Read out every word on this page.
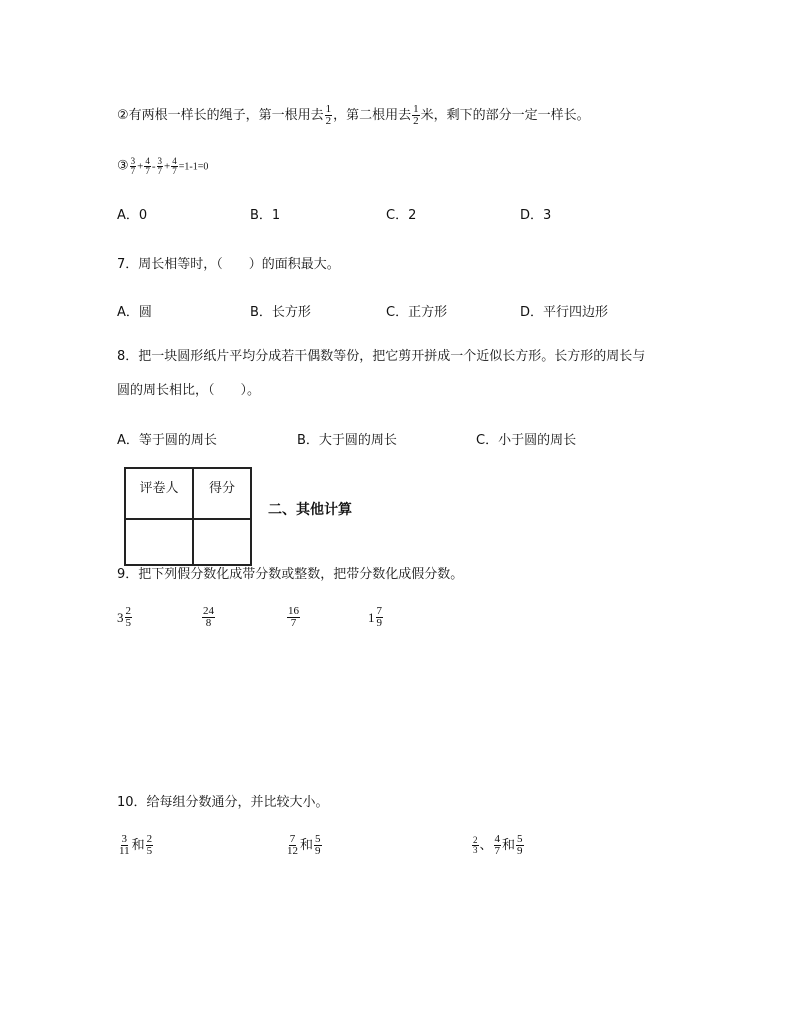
②有两根一样长的绳子，第一根用去 $\frac{1}{2}$ ，第二根用去 $\frac{1}{2}$ 米，剩下的部分一定一样长。
③ $\frac{3}{7} + \frac{4}{7} - \frac{3}{7} + \frac{4}{7} =1-1=0$
A．0	B．1	C．2	D．3
7．周长相等时，（　　）的面积最大。
A．圆	B．长方形	C．正方形	D．平行四边形
8．把一块圆形纸片平均分成若干偶数等份，把它剪开拼成一个近似长方形。长方形的周长与
圆的周长相比，（　　）。
A．等于圆的周长	B．大于圆的周长	C．小于圆的周长
评卷人	得分

二、其他计算
9．把下列假分数化成带分数或整数，把带分数化成假分数。
$3 \frac{2}{5}$	$\frac{24}{8}$	$\frac{16}{7}$	$1 \frac{7}{9}$
10．给每组分数通分，并比较大小。
$\frac{3}{11}$ 和 $\frac{2}{5}$	$\frac{7}{12}$ 和 $\frac{5}{9}$	$\frac{2}{3}$ 、 $\frac{4}{7}$ 和 $\frac{5}{9}$
